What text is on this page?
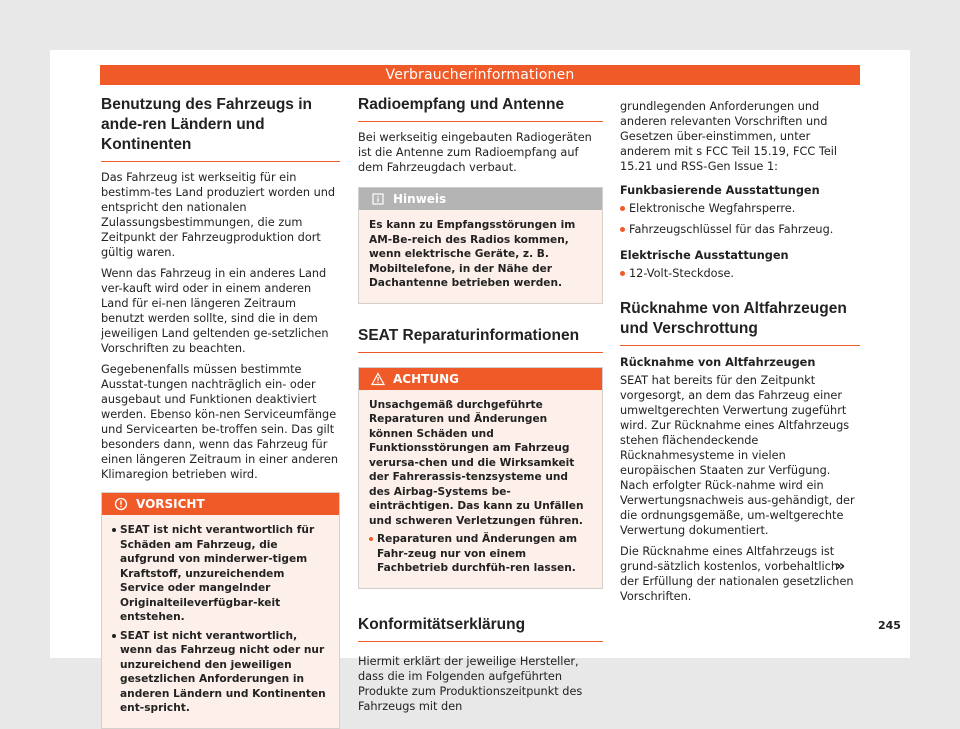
Verbraucherinformationen
Benutzung des Fahrzeugs in ande-ren Ländern und Kontinenten

Das Fahrzeug ist werkseitig für ein bestimm-tes Land produziert worden und entspricht den nationalen Zulassungsbestimmungen, die zum Zeitpunkt der Fahrzeugproduktion dort gültig waren.

Wenn das Fahrzeug in ein anderes Land ver-kauft wird oder in einem anderen Land für ei-nen längeren Zeitraum benutzt werden sollte, sind die in dem jeweiligen Land geltenden ge-setzlichen Vorschriften zu beachten.

Gegebenenfalls müssen bestimmte Ausstat-tungen nachträglich ein- oder ausgebaut und Funktionen deaktiviert werden. Ebenso kön-nen Serviceumfänge und Servicearten be-troffen sein. Das gilt besonders dann, wenn das Fahrzeug für einen längeren Zeitraum in einer anderen Klimaregion betrieben wird.

VORSICHT
SEAT ist nicht verantwortlich für Schäden am Fahrzeug, die aufgrund von minderwer-tigem Kraftstoff, unzureichendem Service oder mangelnder Originalteileverfügbar-keit entstehen.
SEAT ist nicht verantwortlich, wenn das Fahrzeug nicht oder nur unzureichend den jeweiligen gesetzlichen Anforderungen in anderen Ländern und Kontinenten ent-spricht.
Radioempfang und Antenne

Bei werkseitig eingebauten Radiogeräten ist die Antenne zum Radioempfang auf dem Fahrzeugdach verbaut.

Hinweis

Es kann zu Empfangsstörungen im AM-Be-reich des Radios kommen, wenn elektrische Geräte, z. B. Mobiltelefone, in der Nähe der Dachantenne betrieben werden.

SEAT Reparaturinformationen
ACHTUNG

Unsachgemäß durchgeführte Reparaturen und Änderungen können Schäden und Funktionsstörungen am Fahrzeug verursa-chen und die Wirksamkeit der Fahrerassis-tenzsysteme und des Airbag-Systems be-einträchtigen. Das kann zu Unfällen und schweren Verletzungen führen.

Reparaturen und Änderungen am Fahr-zeug nur von einem Fachbetrieb durchfüh-ren lassen.
Konformitätserklärung

Hiermit erklärt der jeweilige Hersteller, dass die im Folgenden aufgeführten Produkte zum Produktionszeitpunkt des Fahrzeugs mit den

grundlegenden Anforderungen und anderen relevanten Vorschriften und Gesetzen über-einstimmen, unter anderem mit s FCC Teil 15.19, FCC Teil 15.21 und RSS-Gen Issue 1:

Funkbasierende Ausstattungen
Elektronische Wegfahrsperre.
Fahrzeugschlüssel für das Fahrzeug.
Elektrische Ausstattungen
12-Volt-Steckdose.
Rücknahme von Altfahrzeugen und Verschrottung
Rücknahme von Altfahrzeugen

SEAT hat bereits für den Zeitpunkt vorgesorgt, an dem das Fahrzeug einer umweltgerechten Verwertung zugeführt wird. Zur Rücknahme eines Altfahrzeugs stehen flächendeckende Rücknahmesysteme in vielen europäischen Staaten zur Verfügung. Nach erfolgter Rück-nahme wird ein Verwertungsnachweis aus-gehändigt, der die ordnungsgemäße, um-weltgerechte Verwertung dokumentiert.

Die Rücknahme eines Altfahrzeugs ist grund-sätzlich kostenlos, vorbehaltlich der Erfüllung der nationalen gesetzlichen Vorschriften.

»
245
